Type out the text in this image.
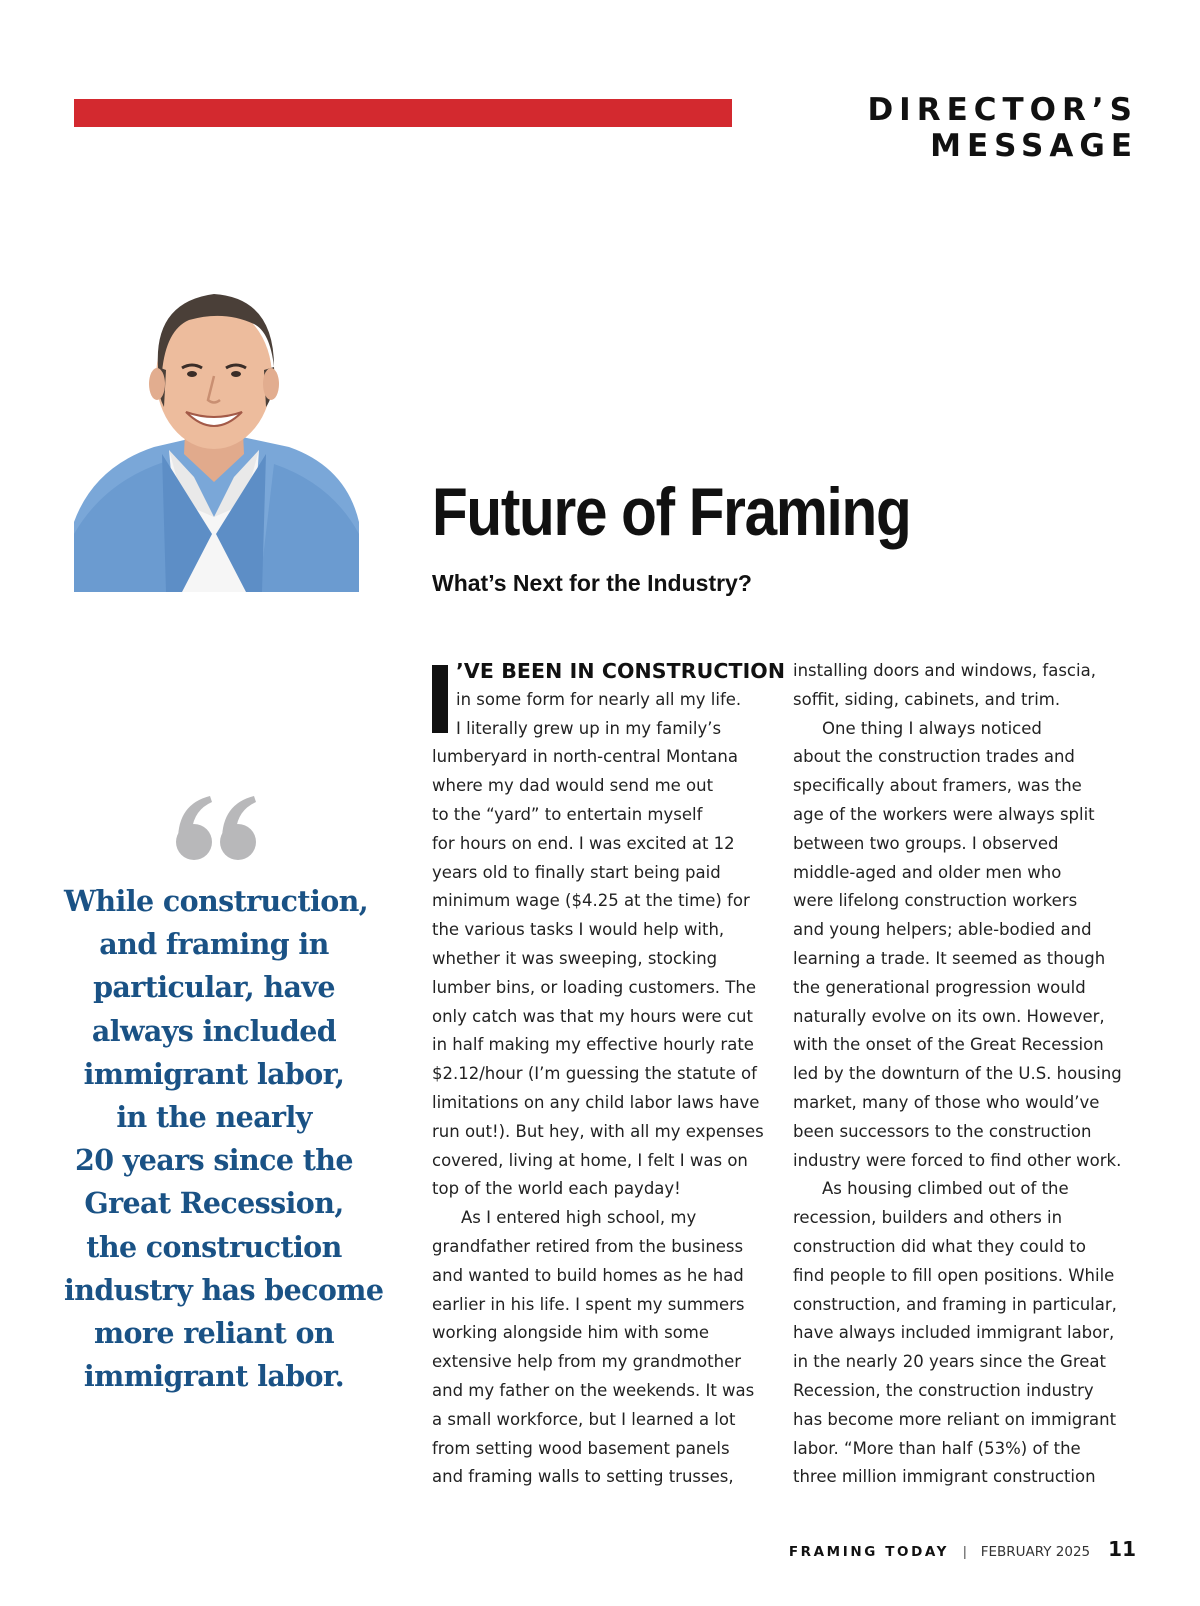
DIRECTOR’S MESSAGE
Future of Framing
What’s Next for the Industry?
While construction,
and framing in
particular, have
always included
immigrant labor,
in the nearly
20 years since the
Great Recession,
the construction
industry has become
more reliant on
immigrant labor.
’VE BEEN IN CONSTRUCTION
in some form for nearly all my life.
I literally grew up in my family’s
lumberyard in north-central Montana
where my dad would send me out
to the “yard” to entertain myself
for hours on end. I was excited at 12
years old to finally start being paid
minimum wage ($4.25 at the time) for
the various tasks I would help with,
whether it was sweeping, stocking
lumber bins, or loading customers. The
only catch was that my hours were cut
in half making my effective hourly rate
$2.12/hour (I’m guessing the statute of
limitations on any child labor laws have
run out!). But hey, with all my expenses
covered, living at home, I felt I was on
top of the world each payday!
As I entered high school, my
grandfather retired from the business
and wanted to build homes as he had
earlier in his life. I spent my summers
working alongside him with some
extensive help from my grandmother
and my father on the weekends. It was
a small workforce, but I learned a lot
from setting wood basement panels
and framing walls to setting trusses,
installing doors and windows, fascia,
soffit, siding, cabinets, and trim.
One thing I always noticed
about the construction trades and
specifically about framers, was the
age of the workers were always split
between two groups. I observed
middle-aged and older men who
were lifelong construction workers
and young helpers; able-bodied and
learning a trade. It seemed as though
the generational progression would
naturally evolve on its own. However,
with the onset of the Great Recession
led by the downturn of the U.S. housing
market, many of those who would’ve
been successors to the construction
industry were forced to find other work.
As housing climbed out of the
recession, builders and others in
construction did what they could to
find people to fill open positions. While
construction, and framing in particular,
have always included immigrant labor,
in the nearly 20 years since the Great
Recession, the construction industry
has become more reliant on immigrant
labor. “More than half (53%) of the
three million immigrant construction
FRAMING TODAY | FEBRUARY 2025 11
